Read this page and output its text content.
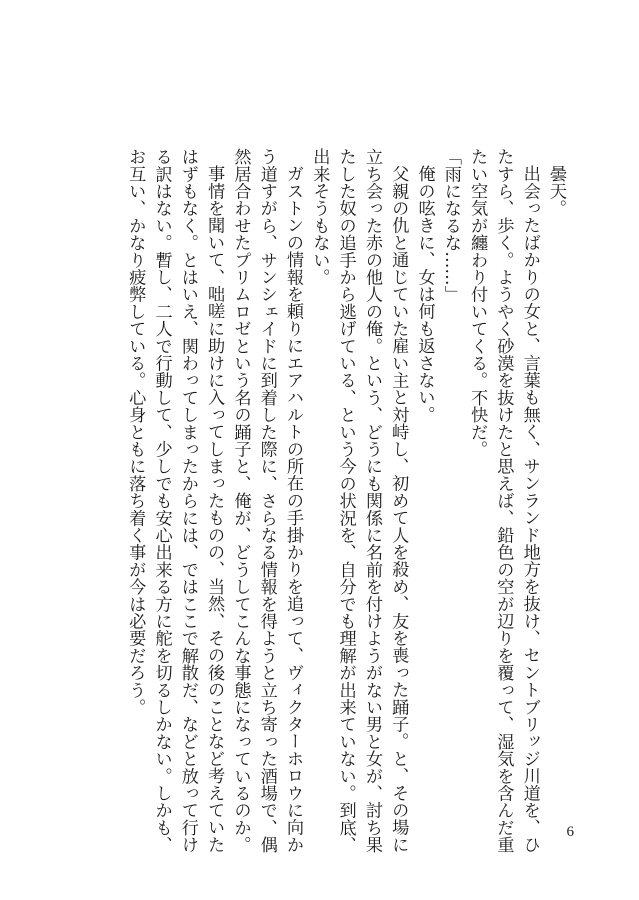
曇天。

出会ったばかりの女と、言葉も無く、サンランド地方を抜け、セントブリッジ川道を、ひ

たすら、歩く。ようやく砂漠を抜けたと思えば、鉛色の空が辺りを覆って、湿気を含んだ重

たい空気が纏わり付いてくる。不快だ。

「雨になるな……」

俺の呟きに、女は何も返さない。

父親の仇と通じていた雇い主と対峙し、初めて人を殺め、友を喪った踊子。と、その場に

立ち会った赤の他人の俺。という、どうにも関係に名前を付けようがない男と女が、討ち果

たした奴の追手から逃げている、という今の状況を、自分でも理解が出来ていない。到底、

出来そうもない。

ガストンの情報を頼りにエアハルトの所在の手掛かりを追って、ヴィクターホロウに向か

う道すがら、サンシェイドに到着した際に、さらなる情報を得ようと立ち寄った酒場で、偶

然居合わせたプリムロゼという名の踊子と、俺が、どうしてこんな事態になっているのか。

事情を聞いて、咄嗟に助けに入ってしまったものの、当然、その後のことなど考えていた

はずもなく。とはいえ、関わってしまったからには、ではここで解散だ、などと放って行け

る訳はない。暫し、二人で行動して、少しでも安心出来る方に舵を切るしかない。しかも、

お互い、かなり疲弊している。心身ともに落ち着く事が今は必要だろう。

6
